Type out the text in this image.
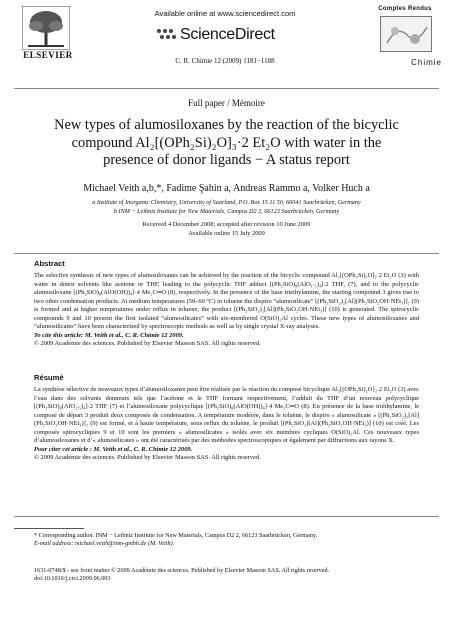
ELSEVIER
Available online at www.sciencedirect.com
ScienceDirect
C. R. Chimie 12 (2009) 1181−1188
Comptes Rendus
Chimie
Full paper / Mémoire
New types of alumosiloxanes by the reaction of the bicyclic compound Al₂[(OPh₂Si)₂O]₃·2 Et₂O with water in the presence of donor ligands − A status report
Michael Veith a,b,*, Fadime Şahin a, Andreas Rammo a, Volker Huch a
a Institute of Inorganic Chemistry, University of Saarland, P.O. Box 15 11 50, 66041 Saarbrücken, Germany
b INM − Leibniz Institute for New Materials, Campus D2 2, 66123 Saarbrücken, Germany
Received 4 December 2008; accepted after revision 10 June 2009
Available online 15 July 2009
Abstract

The selective synthesis of new types of alumosiloxanes can be achieved by the reaction of the bicyclic compound Al₂[(OPh₂Si)₂O]₃·2 Et₂O (3) with water in donor solvents like acetone or THF, leading to the polycyclic THF adduct [(Ph₂SiO)₈(AlO₁.₅)₄]·2 THF, (7), and to the polycyclic alumosiloxane [(Ph₂SiO)₈(AlO(OH))₄]·4 Me₂C═O (8), respectively. In the presence of the base triethylamine, the starting compound 3 gives rise to two other condensation products. At medium temperatures (50–60 °C) in toluene the dispiro “alumosilicate” [(Ph₂SiO₂)₂[Al](Ph₂SiO₂OH·NEt₃)]₂ (9) is formed and at higher temperatures under reflux in toluene, the product [(Ph₂SiO₂)₂[Al](Ph₂SiO₂OH·NEt₃)] (10) is generated. The spirocyclic compounds 9 and 10 present the first isolated “alumosilicates” with six-membered O(SiO)₂Al cycles. These new types of alumosiloxanes and “alumosilicates” have been characterised by spectroscopic methods as well as by single crystal X-ray analyses.

To cite this article: M. Veith et al., C. R. Chimie 12 2009.

© 2009 Académie des sciences. Published by Elsevier Masson SAS. All rights reserved.

Résumé

La synthèse sélective de nouveaux types d’alumosiloxanes peut être réalisée par la réaction du composé bicyclique Al₂[(OPh₂Si)₂O]₃·2 Et₂O (3) avec l’eau dans des solvants donneurs tels que l’acétone et le THF formant respectivement, l’adduit du THF d’un nouveau polycyclique [(Ph₂SiO)₈(AlO₁.₅)₄]·2 THF (7) et l’alumosiloxane polycyclique [(Ph₂SiO)₈(AlO(OH))₄]·4 Me₂C═O (8). En présence de la base triéthylamine, le composé de départ 3 produit deux composés de condensation. A température modérée, dans le toluène, le dispiro « alumosilicate » [(Ph₂SiO₂)₂[Al](Ph₂SiO₂OH·NEt₃)]₂ (9) est formé, et à haute température, sous reflux du toluène, le produit [(Ph₂SiO₂)[Al](Ph₂SiO₂OH·NEt₃)] (10) est créé. Les composés spirocycliques 9 et 10 sont les premiers « alumosilicates » isolés avec six membres cycliques O(SiO)₂Al. Ces nouveaux types d’alumosiloxanes et d’« alumosilicates » ont été caractérisés par des méthodes spectroscopiques et également par diffractions aux rayons X.

Pour citer cet article : M. Veith et al., C. R. Chimie 12 2009.

© 2009 Académie des sciences. Published by Elsevier Masson SAS. All rights reserved.

* Corresponding author. INM − Leibniz Institute for New Materials, Campus D2 2, 66123 Saarbrücken, Germany.
E-mail address: michael.veith@inm-gmbh.de (M. Veith).
1631-0748/$ - see front matter © 2009 Académie des sciences. Published by Elsevier Masson SAS. All rights reserved.
doi:10.1016/j.crci.2009.06.003
